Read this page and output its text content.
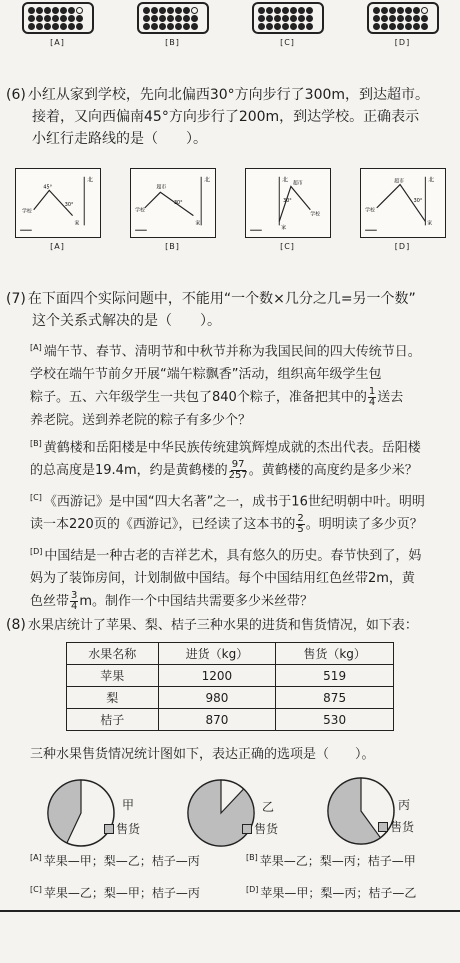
[A]	[B]	[C]	[D]
(6) 小红从家到学校，先向北偏西30°方向步行了300m，到达超市。
接着，又向西偏南45°方向步行了200m，到达学校。正确表示
小红行走路线的是（　　）。
北
45°
30°
学校
家
[A]
北
超市
30°
学校
家
[B]
北 超市
30°
学校
家
[C]
北
超市
30°
学校
家
[D]
(7) 在下面四个实际问题中，不能用“一个数×几分之几=另一个数”
这个关系式解决的是（　　）。
[A] 端午节、春节、清明节和中秋节并称为我国民间的四大传统节日。
学校在端午节前夕开展“端午粽飘香”活动，组织高年级学生包
粽子。五、六年级学生一共包了840个粽子，准备把其中的 $\frac{1}{4}$ 送去
养老院。送到养老院的粽子有多少个？
[B] 黄鹤楼和岳阳楼是中华民族传统建筑辉煌成就的杰出代表。岳阳楼
的总高度是19.4m，约是黄鹤楼的 $\frac{97}{257}$ 。黄鹤楼的高度约是多少米？
[C] 《西游记》是中国“四大名著”之一，成书于16世纪明朝中叶。明明
读一本220页的《西游记》，已经读了这本书的 $\frac{2}{5}$ 。明明读了多少页？
[D] 中国结是一种古老的吉祥艺术，具有悠久的历史。春节快到了，妈
妈为了装饰房间，计划制做中国结。每个中国结用红色丝带2m，黄
色丝带 $\frac{3}{4}$ m。制作一个中国结共需要多少米丝带？
(8) 水果店统计了苹果、梨、桔子三种水果的进货和售货情况，如下表：
水果名称	进货（kg）	售货（kg）
苹果	1200	519
梨	980	875
桔子	870	530
三种水果售货情况统计图如下，表达正确的选项是（　　）。
甲
售货
乙
售货
丙
售货
[A] 苹果—甲；梨—乙；桔子—丙	[B] 苹果—乙；梨—丙；桔子—甲
[C] 苹果—乙；梨—甲；桔子—丙	[D] 苹果—甲；梨—丙；桔子—乙
